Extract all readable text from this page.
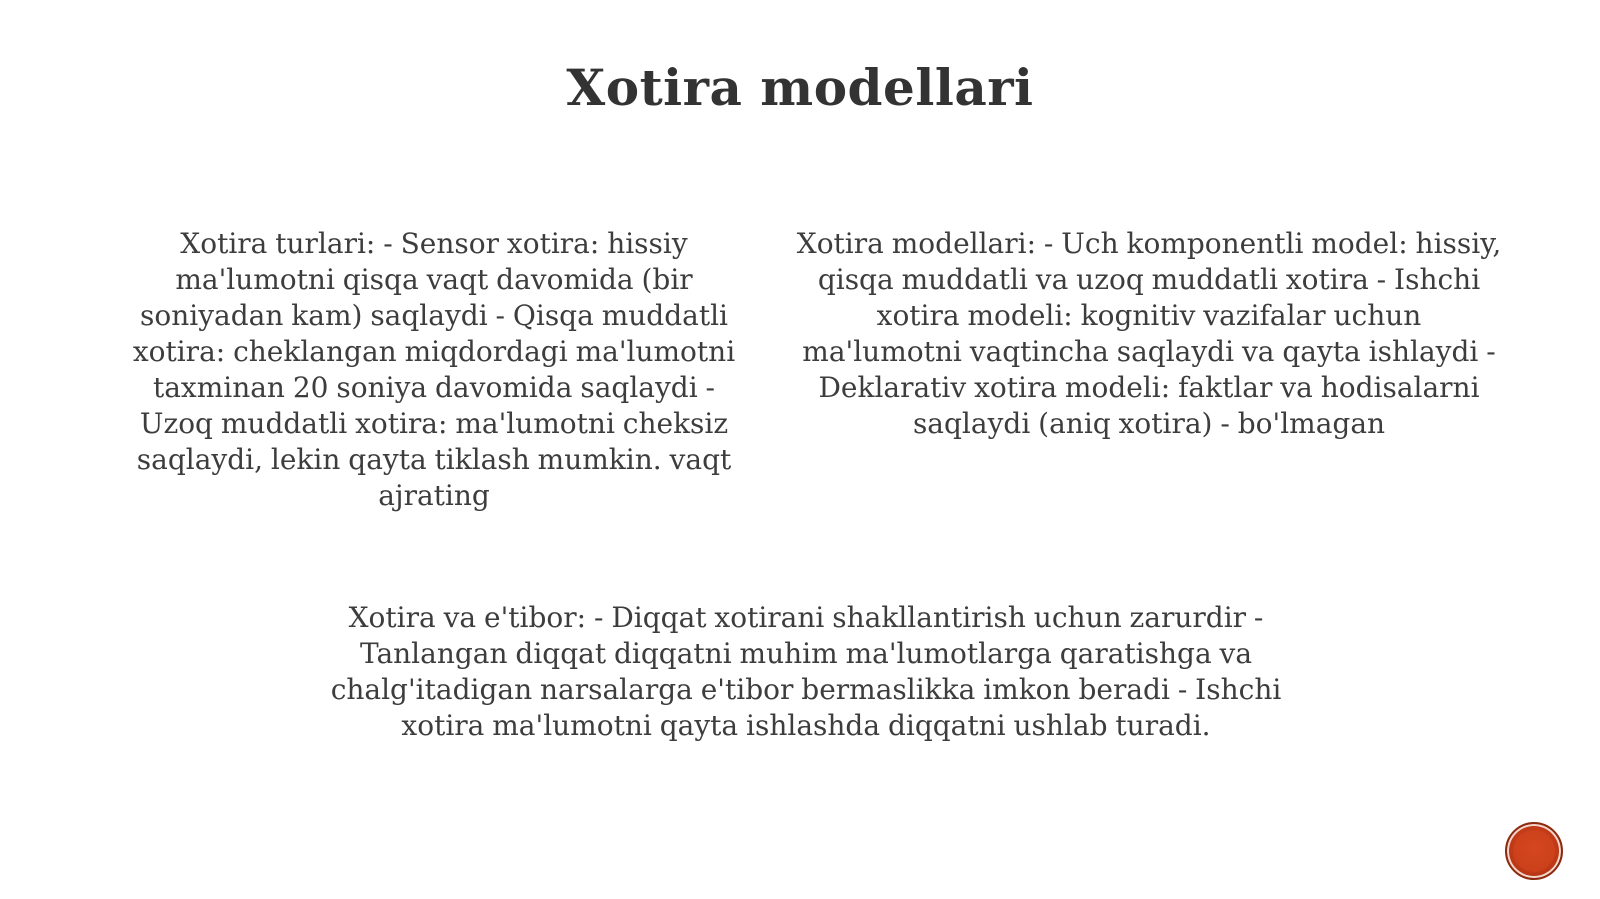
Xotira modellari
Xotira turlari: - Sensor xotira: hissiy ma'lumotni qisqa vaqt davomida (bir soniyadan kam) saqlaydi - Qisqa muddatli xotira: cheklangan miqdordagi ma'lumotni taxminan 20 soniya davomida saqlaydi - Uzoq muddatli xotira: ma'lumotni cheksiz saqlaydi, lekin qayta tiklash mumkin. vaqt ajrating
Xotira modellari: - Uch komponentli model: hissiy, qisqa muddatli va uzoq muddatli xotira - Ishchi xotira modeli: kognitiv vazifalar uchun ma'lumotni vaqtincha saqlaydi va qayta ishlaydi - Deklarativ xotira modeli: faktlar va hodisalarni saqlaydi (aniq xotira) - bo'lmagan
Xotira va e'tibor: - Diqqat xotirani shakllantirish uchun zarurdir - Tanlangan diqqat diqqatni muhim ma'lumotlarga qaratishga va chalg'itadigan narsalarga e'tibor bermaslikka imkon beradi - Ishchi xotira ma'lumotni qayta ishlashda diqqatni ushlab turadi.
